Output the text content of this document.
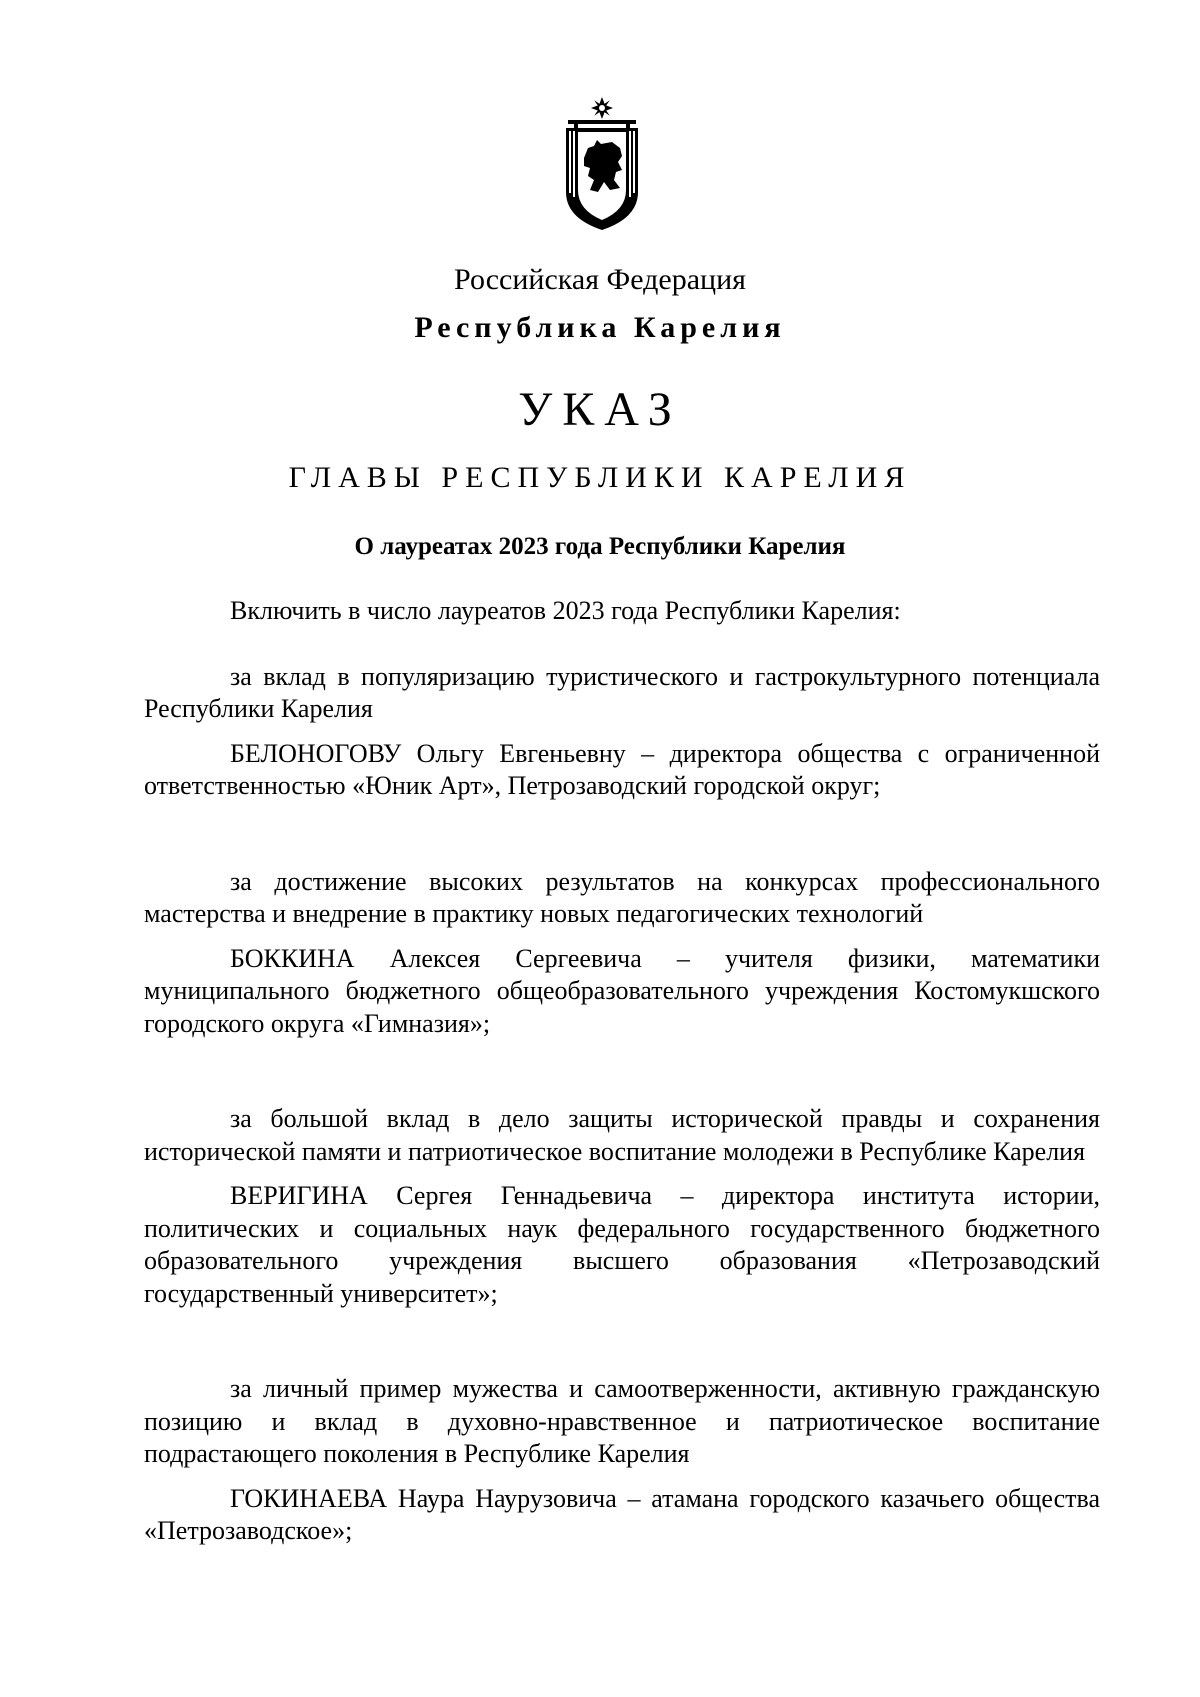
Российская Федерация
Республика Карелия
УКАЗ
ГЛАВЫ РЕСПУБЛИКИ КАРЕЛИЯ
О лауреатах 2023 года Республики Карелия

Включить в число лауреатов 2023 года Республики Карелия:

за вклад в популяризацию туристического и гастрокультурного потенциала Республики Карелия

БЕЛОНОГОВУ Ольгу Евгеньевну – директора общества с ограниченной ответственностью «Юник Арт», Петрозаводский городской округ;

за достижение высоких результатов на конкурсах профессионального мастерства и внедрение в практику новых педагогических технологий

БОККИНА Алексея Сергеевича – учителя физики, математики муниципального бюджетного общеобразовательного учреждения Костомукшского городского округа «Гимназия»;

за большой вклад в дело защиты исторической правды и сохранения исторической памяти и патриотическое воспитание молодежи в Республике Карелия

ВЕРИГИНА Сергея Геннадьевича – директора института истории, политических и социальных наук федерального государственного бюджетного образовательного учреждения высшего образования «Петрозаводский государственный университет»;

за личный пример мужества и самоотверженности, активную гражданскую позицию и вклад в духовно-нравственное и патриотическое воспитание подрастающего поколения в Республике Карелия

ГОКИНАЕВА Наура Наурузовича – атамана городского казачьего общества «Петрозаводское»;
